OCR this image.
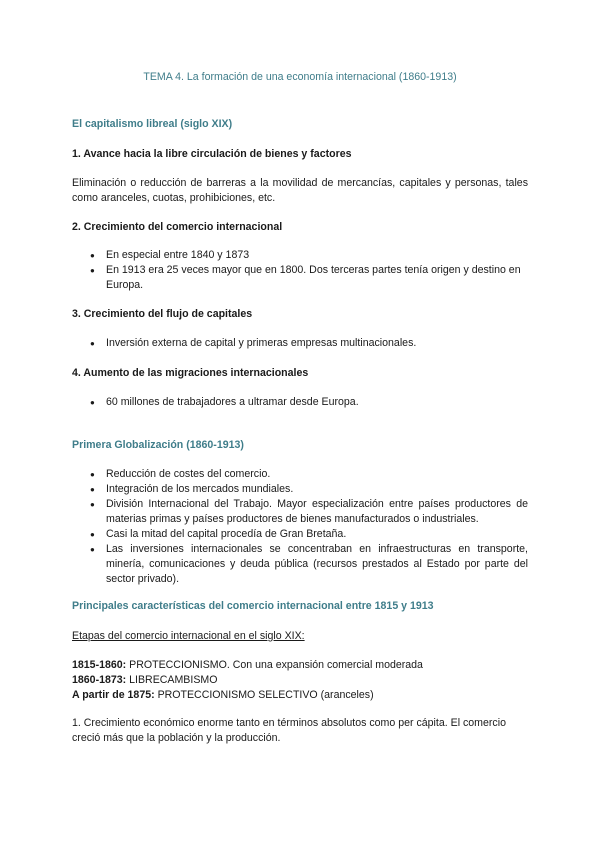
TEMA 4. La formación de una economía internacional (1860-1913)

El capitalismo libreal (siglo XIX)

1. Avance hacia la libre circulación de bienes y factores

Eliminación o reducción de barreras a la movilidad de mercancías, capitales y personas, tales como aranceles, cuotas, prohibiciones, etc.

2. Crecimiento del comercio internacional

● En especial entre 1840 y 1873
● En 1913 era 25 veces mayor que en 1800. Dos terceras partes tenía origen y destino en Europa.

3. Crecimiento del flujo de capitales

● Inversión externa de capital y primeras empresas multinacionales.

4. Aumento de las migraciones internacionales

● 60 millones de trabajadores a ultramar desde Europa.

Primera Globalización (1860-1913)

● Reducción de costes del comercio.
● Integración de los mercados mundiales.
● División Internacional del Trabajo. Mayor especialización entre países productores de materias primas y países productores de bienes manufacturados o industriales.
● Casi la mitad del capital procedía de Gran Bretaña.
● Las inversiones internacionales se concentraban en infraestructuras en transporte, minería, comunicaciones y deuda pública (recursos prestados al Estado por parte del sector privado).

Principales características del comercio internacional entre 1815 y 1913

Etapas del comercio internacional en el siglo XIX:

1815-1860: PROTECCIONISMO. Con una expansión comercial moderada

1860-1873: LIBRECAMBISMO

A partir de 1875: PROTECCIONISMO SELECTIVO (aranceles)

1. Crecimiento económico enorme tanto en términos absolutos como per cápita. El comercio creció más que la población y la producción.
